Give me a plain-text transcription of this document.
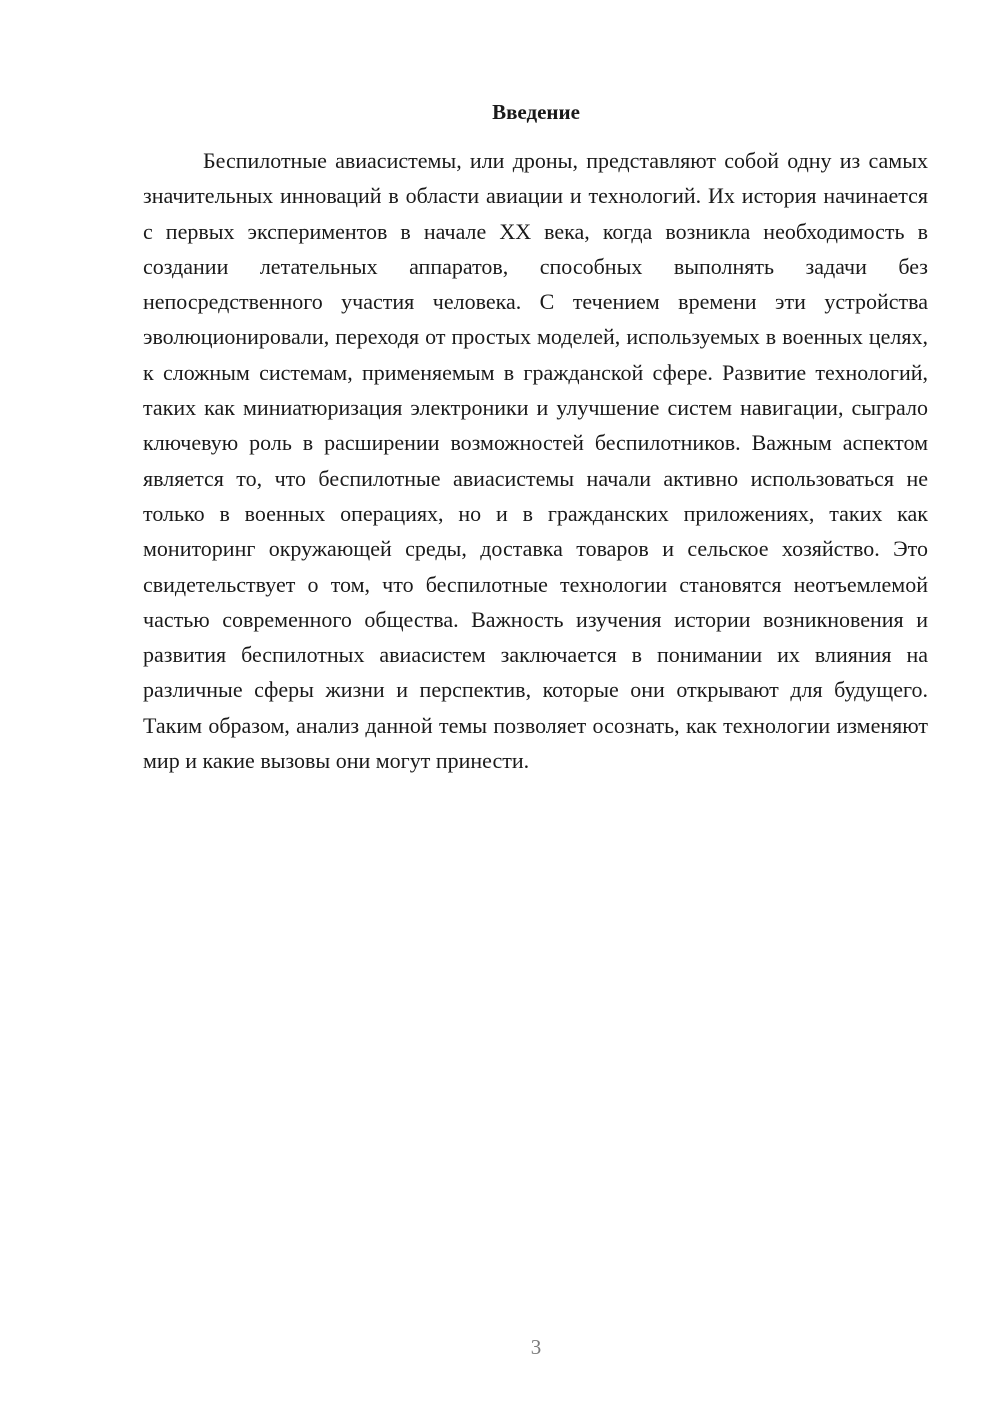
Введение

Беспилотные авиасистемы, или дроны, представляют собой одну из самых значительных инноваций в области авиации и технологий. Их история начинается с первых экспериментов в начале XX века, когда возникла необходимость в создании летательных аппаратов, способных выполнять задачи без непосредственного участия человека. С течением времени эти устройства эволюционировали, переходя от простых моделей, используемых в военных целях, к сложным системам, применяемым в гражданской сфере. Развитие технологий, таких как миниатюризация электроники и улучшение систем навигации, сыграло ключевую роль в расширении возможностей беспилотников. Важным аспектом является то, что беспилотные авиасистемы начали активно использоваться не только в военных операциях, но и в гражданских приложениях, таких как мониторинг окружающей среды, доставка товаров и сельское хозяйство. Это свидетельствует о том, что беспилотные технологии становятся неотъемлемой частью современного общества. Важность изучения истории возникновения и развития беспилотных авиасистем заключается в понимании их влияния на различные сферы жизни и перспектив, которые они открывают для будущего. Таким образом, анализ данной темы позволяет осознать, как технологии изменяют мир и какие вызовы они могут принести.

3
